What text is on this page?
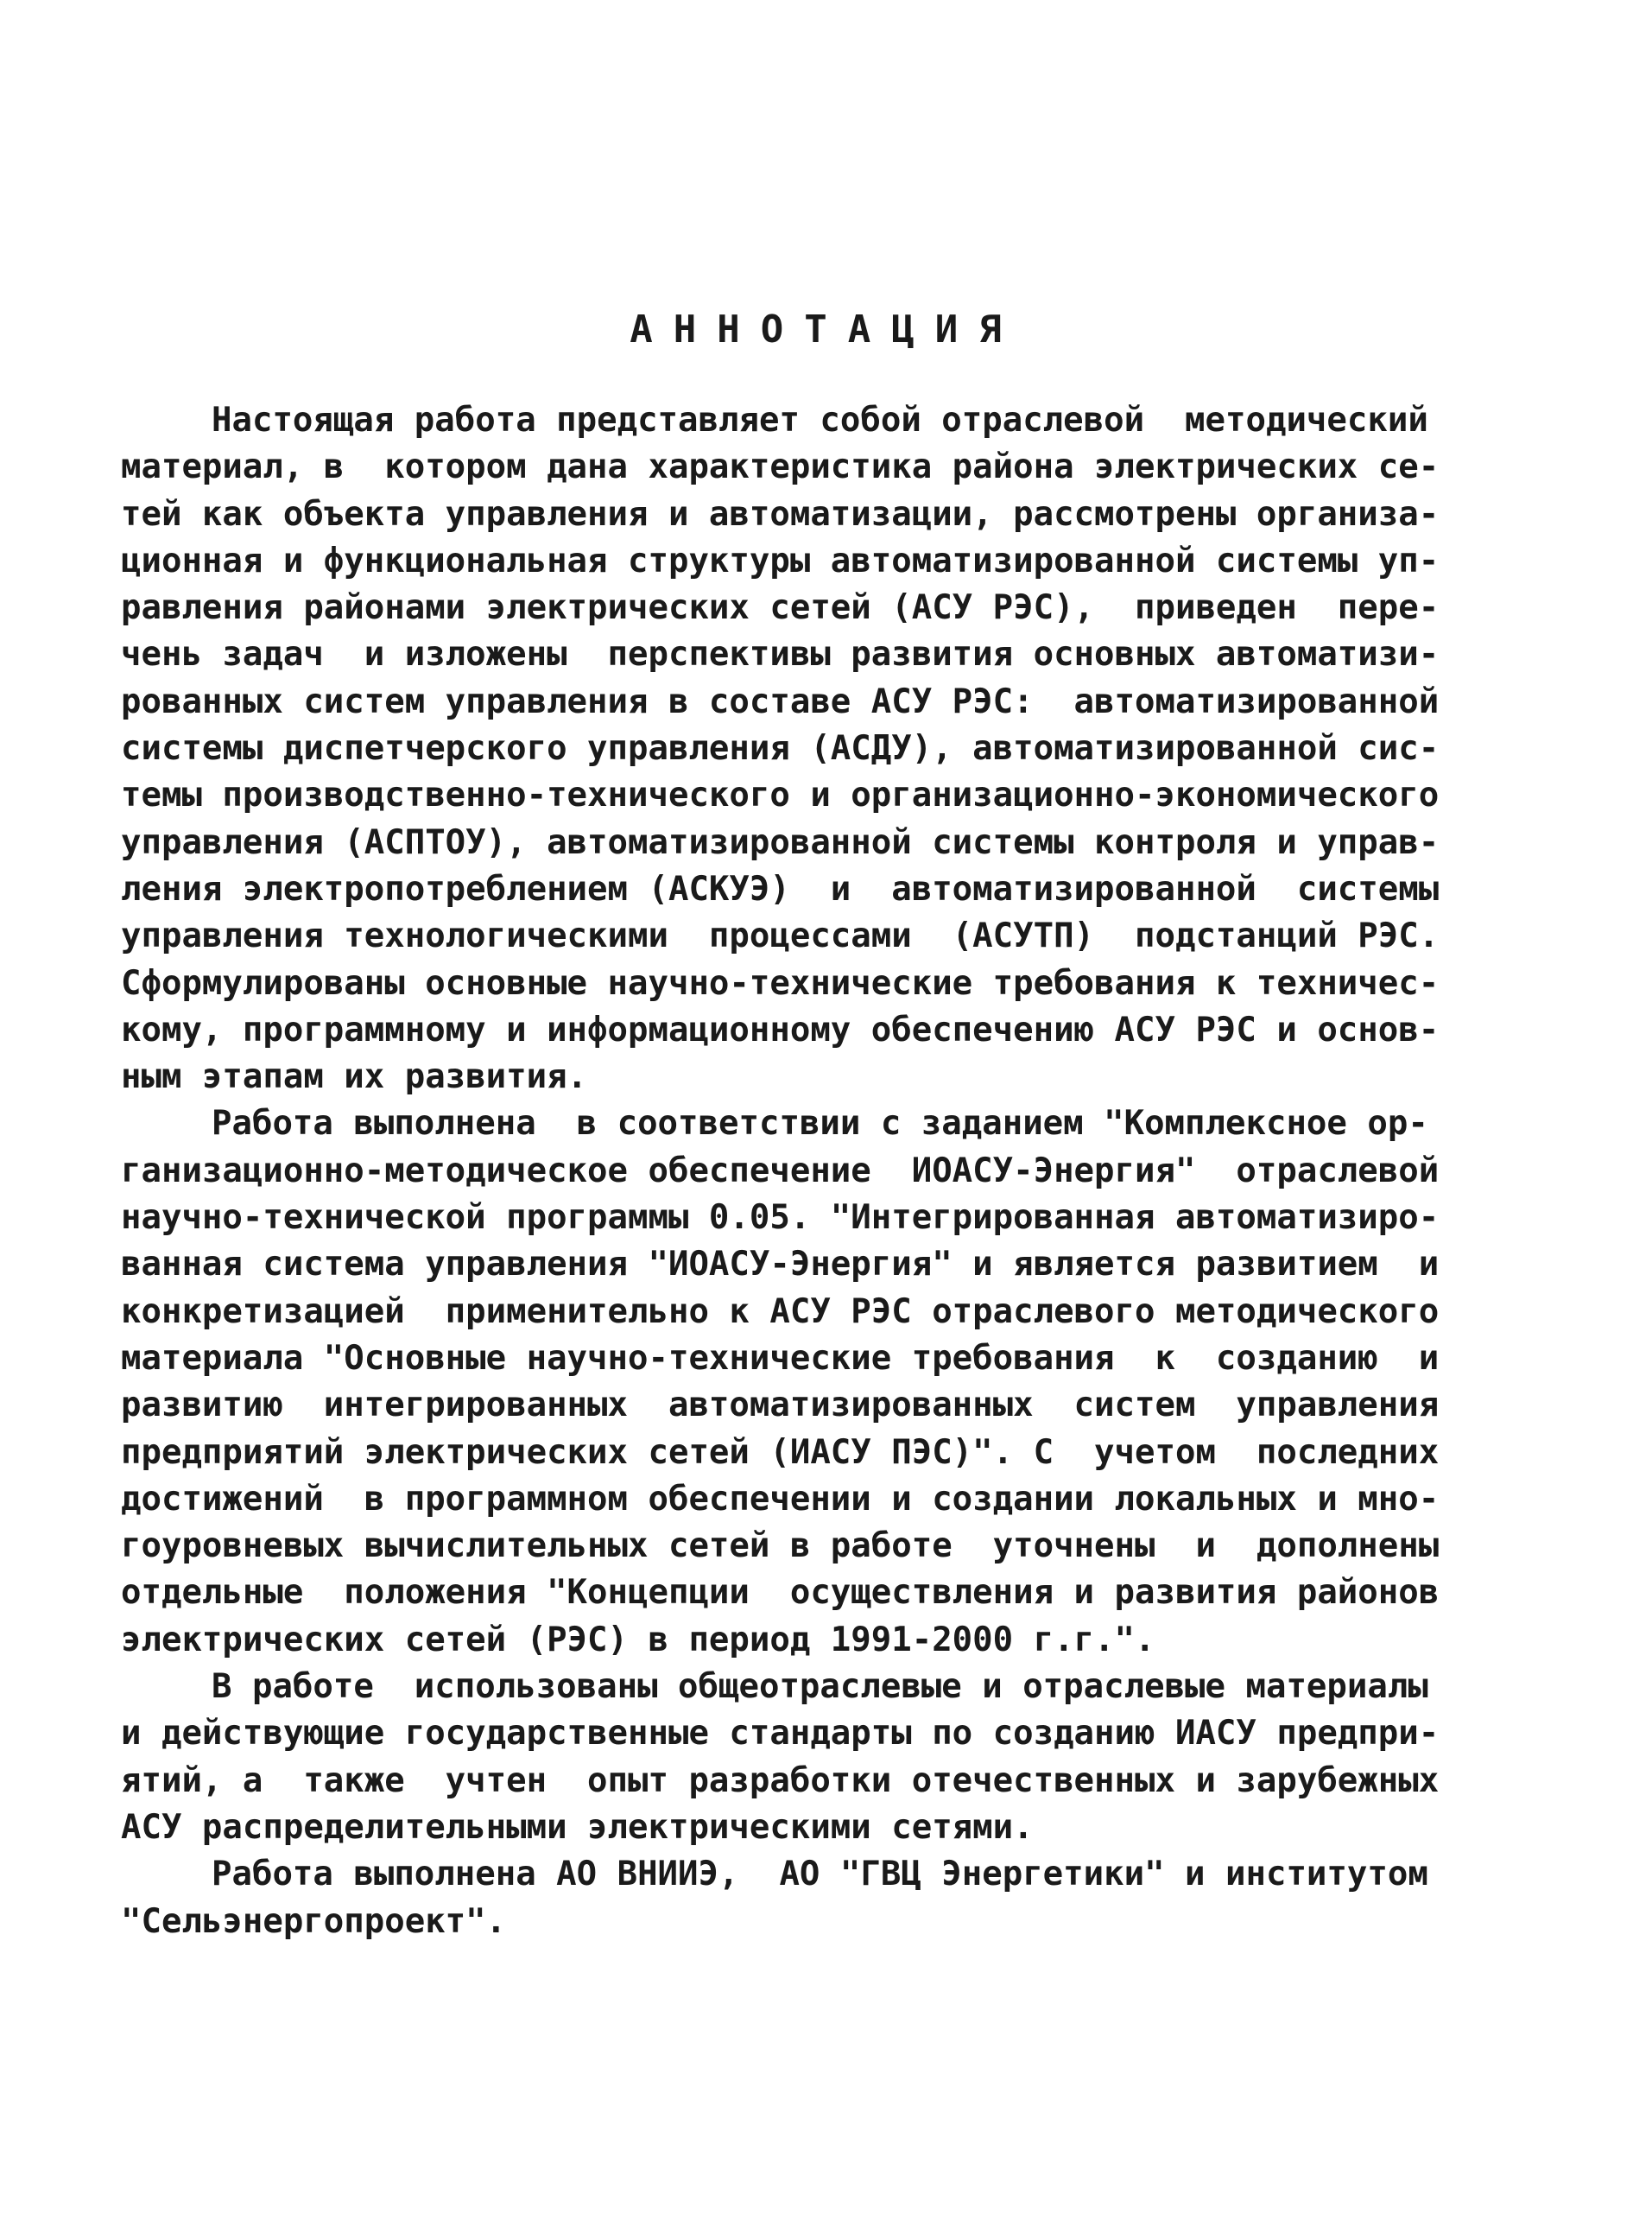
АННОТАЦИЯ
Настоящая работа представляет собой отраслевой  методический
материал, в  котором дана характеристика района электрических се-
тей как объекта управления и автоматизации, рассмотрены организа-
ционная и функциональная структуры автоматизированной системы уп-
равления районами электрических сетей (АСУ РЭС),  приведен  пере-
чень задач  и изложены  перспективы развития основных автоматизи-
рованных систем управления в составе АСУ РЭС:  автоматизированной
системы диспетчерского управления (АСДУ), автоматизированной сис-
темы производственно-технического и организационно-экономического
управления (АСПТОУ), автоматизированной системы контроля и управ-
ления электропотреблением (АСКУЭ)  и  автоматизированной  системы
управления технологическими  процессами  (АСУТП)  подстанций РЭС.
Сформулированы основные научно-технические требования к техничес-
кому, программному и информационному обеспечению АСУ РЭС и основ-
ным этапам их развития.
Работа выполнена  в соответствии с заданием "Комплексное ор-
ганизационно-методическое обеспечение  ИОАСУ-Энергия"  отраслевой
научно-технической программы 0.05. "Интегрированная автоматизиро-
ванная система управления "ИОАСУ-Энергия" и является развитием  и
конкретизацией  применительно к АСУ РЭС отраслевого методического
материала "Основные научно-технические требования  к  созданию  и
развитию  интегрированных  автоматизированных  систем  управления
предприятий электрических сетей (ИАСУ ПЭС)". С  учетом  последних
достижений  в программном обеспечении и создании локальных и мно-
гоуровневых вычислительных сетей в работе  уточнены  и  дополнены
отдельные  положения "Концепции  осуществления и развития районов
электрических сетей (РЭС) в период 1991-2000 г.г.".
В работе  использованы общеотраслевые и отраслевые материалы
и действующие государственные стандарты по созданию ИАСУ предпри-
ятий, а  также  учтен  опыт разработки отечественных и зарубежных
АСУ распределительными электрическими сетями.
Работа выполнена АО ВНИИЭ,  АО "ГВЦ Энергетики" и институтом
"Сельэнергопроект".
